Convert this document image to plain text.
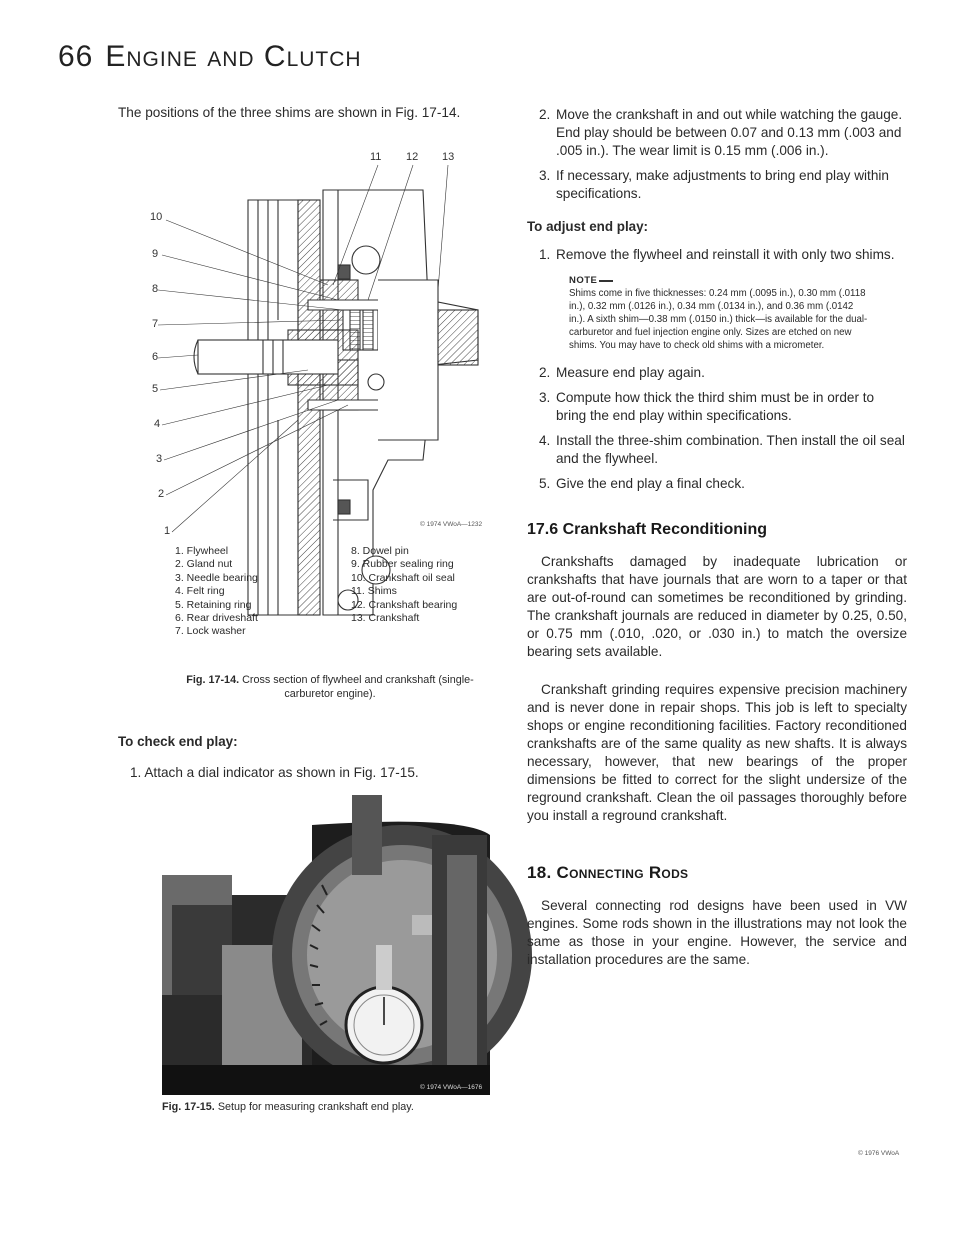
66 Engine and Clutch

The positions of the three shims are shown in Fig. 17-14.

11 12 13
10
9
8
7
6
5
4
3
2
1
© 1974 VWoA—1232
1. Flywheel
2. Gland nut
3. Needle bearing
4. Felt ring
5. Retaining ring
6. Rear driveshaft
7. Lock washer
8. Dowel pin
9. Rubber sealing ring
10. Crankshaft oil seal
11. Shims
12. Crankshaft bearing
13. Crankshaft
Fig. 17-14. Cross section of flywheel and crankshaft (single-carburetor engine).
To check end play:

1. Attach a dial indicator as shown in Fig. 17-15.

© 1974 VWoA—1676
Fig. 17-15. Setup for measuring crankshaft end play.
2. Move the crankshaft in and out while watching the gauge. End play should be between 0.07 and 0.13 mm (.003 and .005 in.). The wear limit is 0.15 mm (.006 in.).
3. If necessary, make adjustments to bring end play within specifications.
To adjust end play:
1. Remove the flywheel and reinstall it with only two shims.
NOTE
Shims come in five thicknesses: 0.24 mm (.0095 in.), 0.30 mm (.0118 in.), 0.32 mm (.0126 in.), 0.34 mm (.0134 in.), and 0.36 mm (.0142 in.). A sixth shim—0.38 mm (.0150 in.) thick—is available for the dual-carburetor and fuel injection engine only. Sizes are etched on new shims. You may have to check old shims with a micrometer.
2. Measure end play again.
3. Compute how thick the third shim must be in order to bring the end play within specifications.
4. Install the three-shim combination. Then install the oil seal and the flywheel.
5. Give the end play a final check.
17.6 Crankshaft Reconditioning

Crankshafts damaged by inadequate lubrication or crankshafts that have journals that are worn to a taper or that are out-of-round can sometimes be reconditioned by grinding. The crankshaft journals are reduced in diameter by 0.25, 0.50, or 0.75 mm (.010, .020, or .030 in.) to match the oversize bearing sets available.

Crankshaft grinding requires expensive precision machinery and is never done in repair shops. This job is left to specialty shops or engine reconditioning facilities. Factory reconditioned crankshafts are of the same quality as new shafts. It is always necessary, however, that new bearings of the proper dimensions be fitted to correct for the slight undersize of the reground crankshaft. Clean the oil passages thoroughly before you install a reground crankshaft.

18. Connecting Rods

Several connecting rod designs have been used in VW engines. Some rods shown in the illustrations may not look the same as those in your engine. However, the service and installation procedures are the same.

© 1976 VWoA
